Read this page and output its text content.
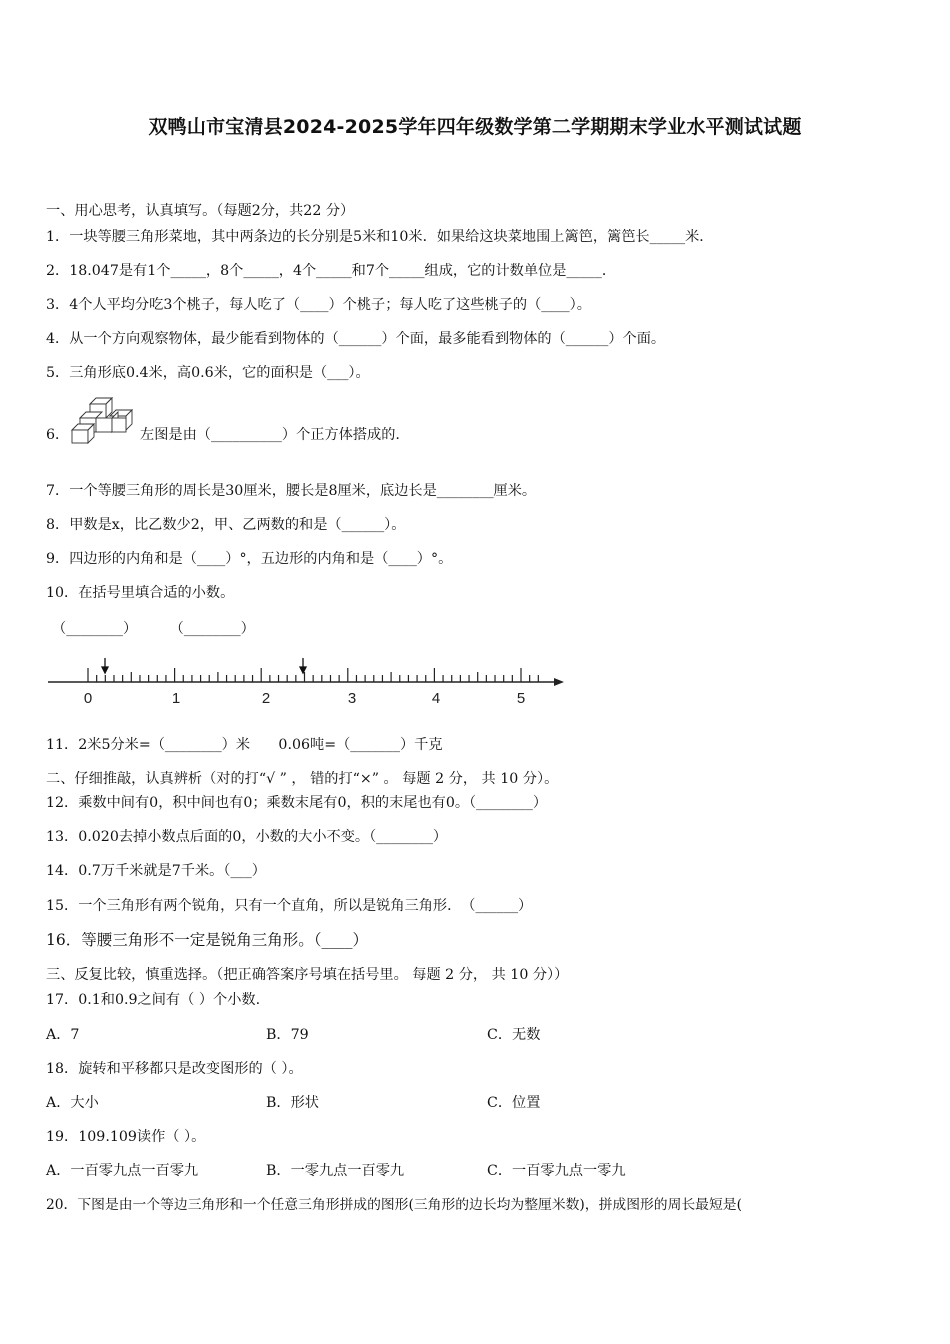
双鸭山市宝清县2024-2025学年四年级数学第二学期期末学业水平测试试题
一、用心思考，认真填写。（每题2分，共22 分）
1．一块等腰三角形菜地，其中两条边的长分别是5米和10米．如果给这块菜地围上篱笆，篱笆长_____米．
2．18.047是有1个_____，8个_____，4个_____和7个_____组成，它的计数单位是_____．
3．4个人平均分吃3个桃子，每人吃了（____）个桃子；每人吃了这些桃子的（____）。
4．从一个方向观察物体，最少能看到物体的（______）个面，最多能看到物体的（______）个面。
5．三角形底0.4米，高0.6米，它的面积是（___）。
6．	左图是由（__________）个正方体搭成的.
7．一个等腰三角形的周长是30厘米，腰长是8厘米，底边长是________厘米。
8．甲数是x，比乙数少2，甲、乙两数的和是（______）。
9．四边形的内角和是（____）°，五边形的内角和是（____）°。
10．在括号里填合适的小数。
（________） （________）
0	1	2	3	4	5
11．2米5分米=（________）米　　0.06吨=（_______）千克
二、仔细推敲，认真辨析（对的打“√ ” ， 错的打“×” 。 每题 2 分， 共 10 分）。
12．乘数中间有0，积中间也有0；乘数末尾有0，积的末尾也有0。（________）
13．0.020去掉小数点后面的0，小数的大小不变。（________）
14．0.7万千米就是7千米。（___）
15．一个三角形有两个锐角，只有一个直角，所以是锐角三角形．　（______）
16．等腰三角形不一定是锐角三角形。（____）
三、反复比较，慎重选择。（把正确答案序号填在括号里。 每题 2 分， 共 10 分））
17．0.1和0.9之间有（ ）个小数.
A．7	B．79	C．无数
18．旋转和平移都只是改变图形的（ ）。
A．大小	B．形状	C．位置
19．109.109读作（ ）。
A．一百零九点一百零九	B．一零九点一百零九	C．一百零九点一零九
20．下图是由一个等边三角形和一个任意三角形拼成的图形(三角形的边长均为整厘米数)，拼成图形的周长最短是(
